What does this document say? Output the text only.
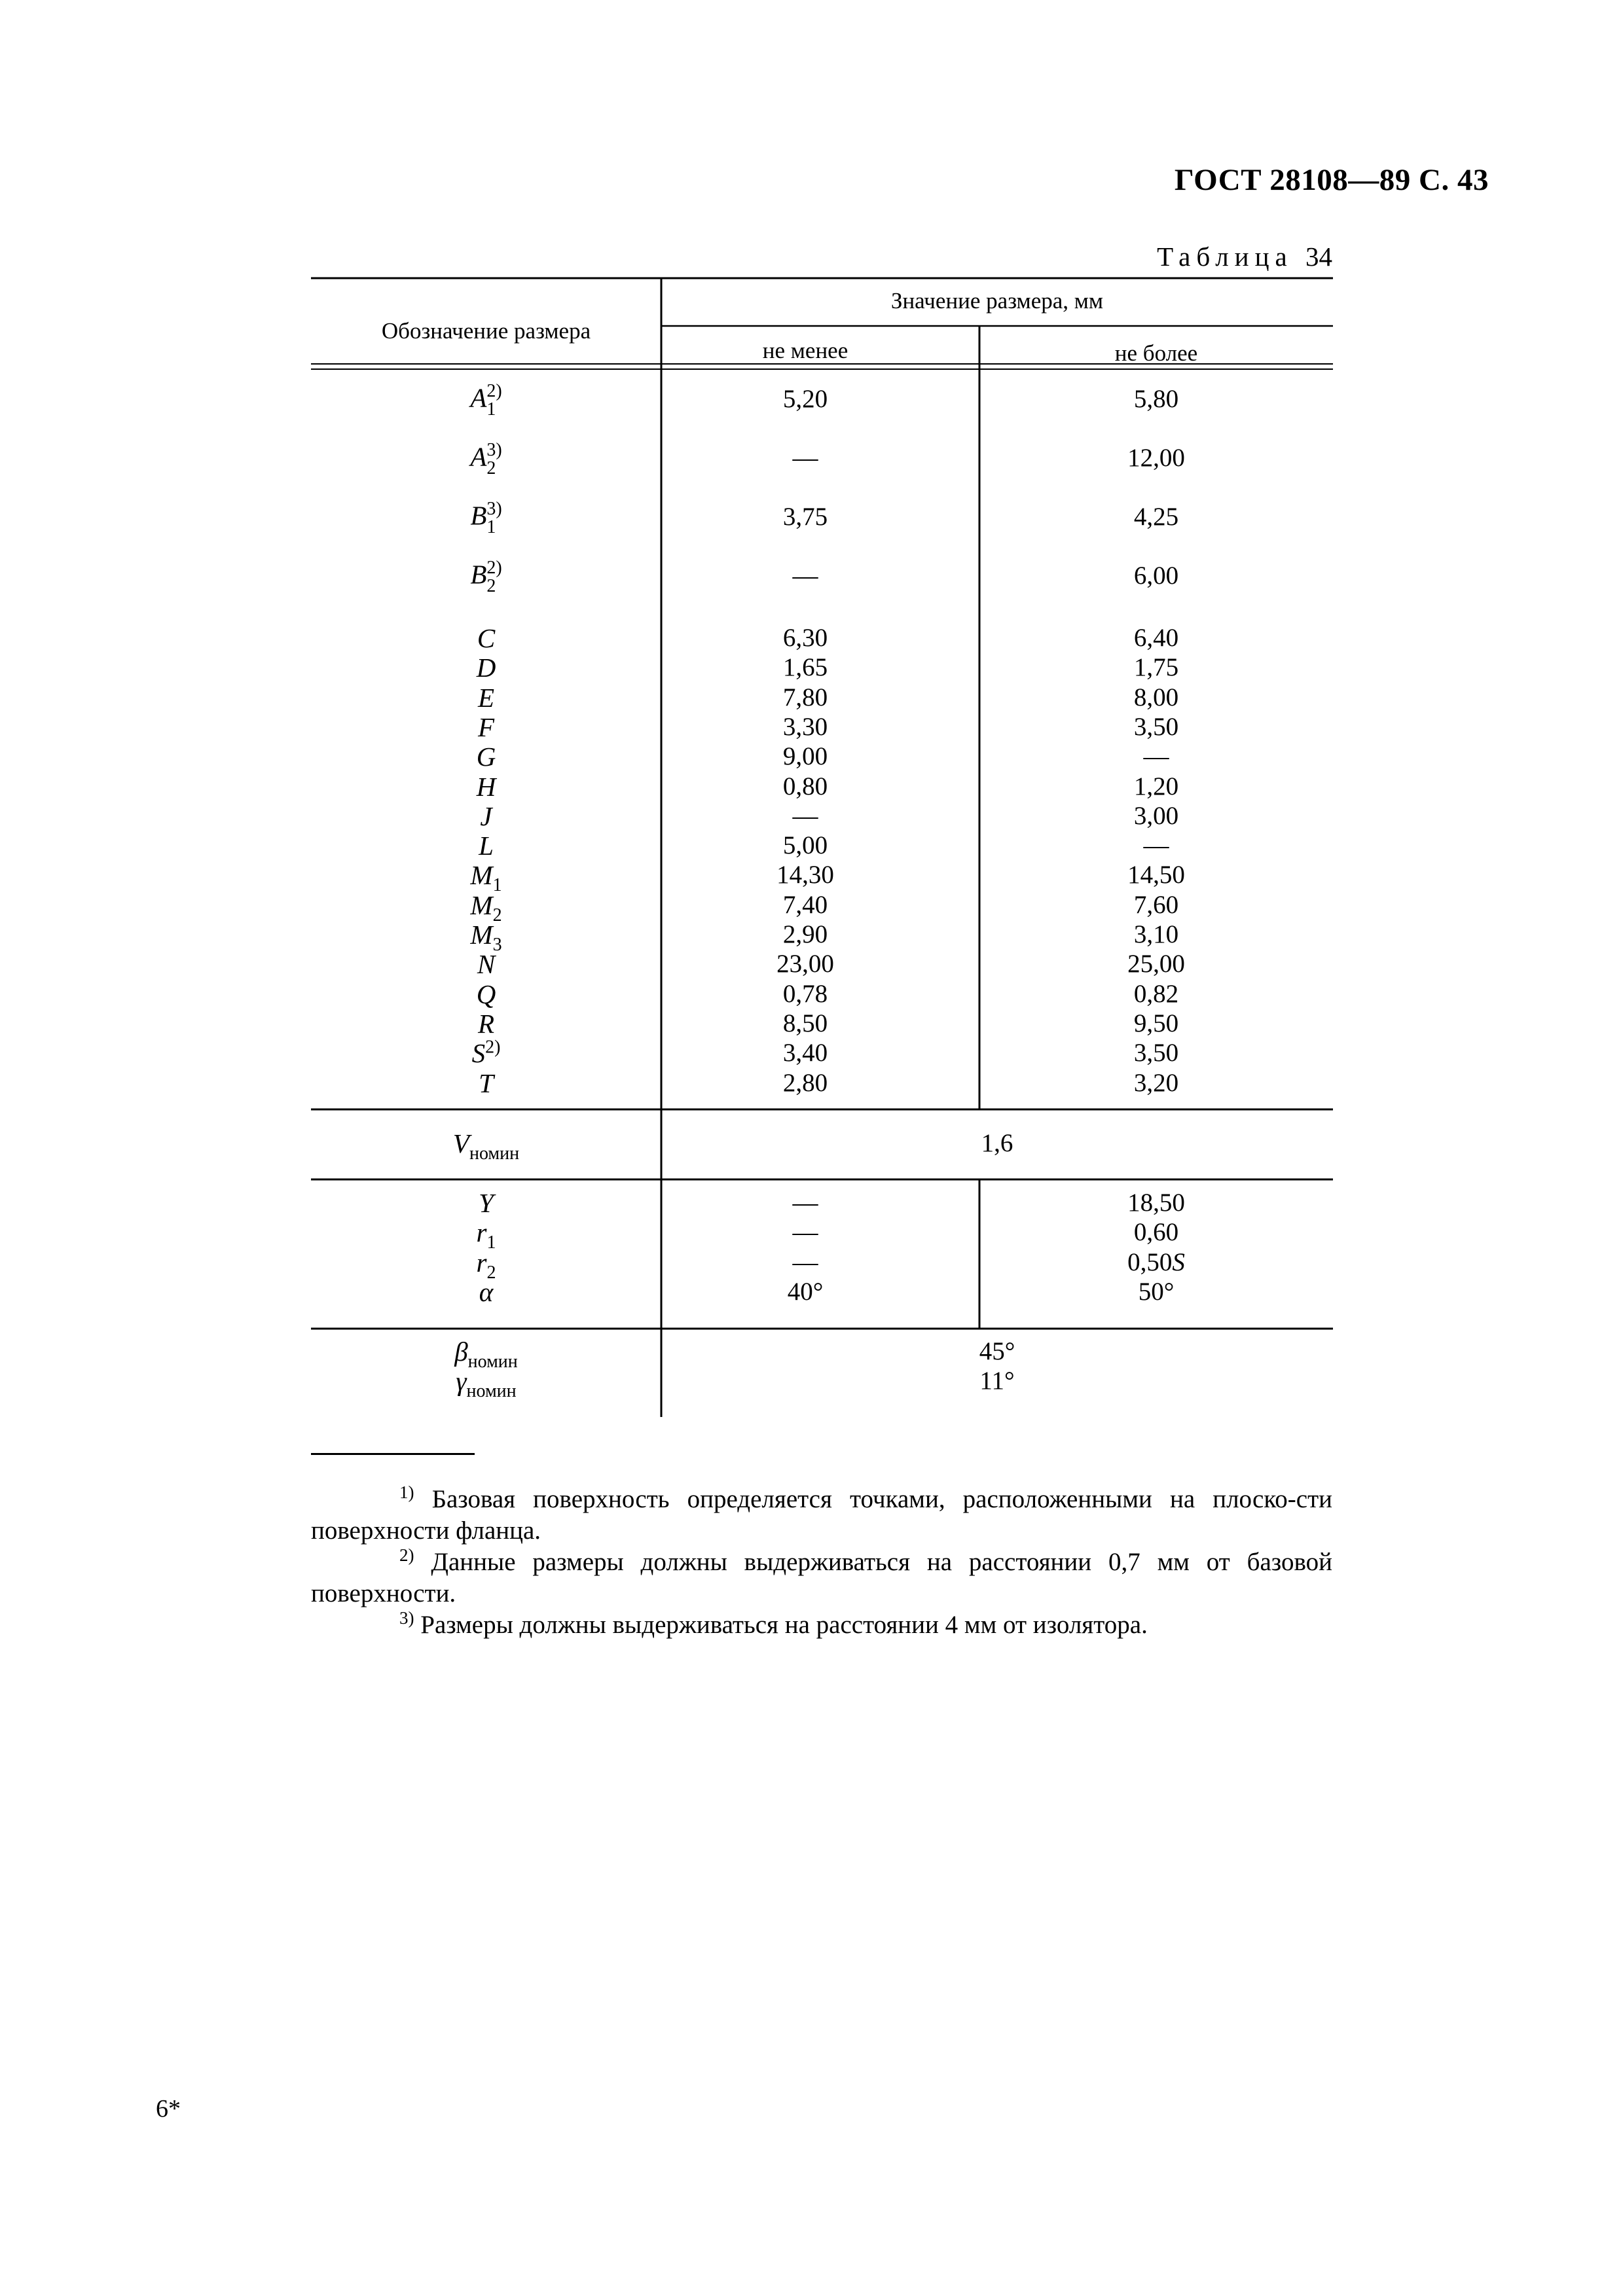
ГОСТ 28108—89 С. 43
Таблица 34
Обозначение размера
Значение размера, мм
не менее	не более
A 2)
1	5,20	5,80
A 3)
2	—	12,00
B 3)
1	3,75	4,25
B 2)
2	—	6,00
C	6,30	6,40
D	1,65	1,75
E	7,80	8,00
F	3,30	3,50
G	9,00	—
H	0,80	1,20
J	—	3,00
L	5,00	—
$M_1$	14,30	14,50
$M_2$	7,40	7,60
$M_3$	2,90	3,10
N	23,00	25,00
Q	0,78	0,82
R	8,50	9,50
$S^{2)}$	3,40	3,50
T	2,80	3,20
$V_{номин}$	1,6
Y	—	18,50
$r_1$	—	0,60
$r_2$	—	0,50S
α	40°	50°
$\beta_{номин}$	45°
$\gamma_{номин}$	11°
$^{1)}$ Базовая поверхность определяется точками, расположенными на плоско-сти поверхности фланца.
$^{2)}$ Данные размеры должны выдерживаться на расстоянии 0,7 мм от базовой поверхности.
$^{3)}$ Размеры должны выдерживаться на расстоянии 4 мм от изолятора.
6*
